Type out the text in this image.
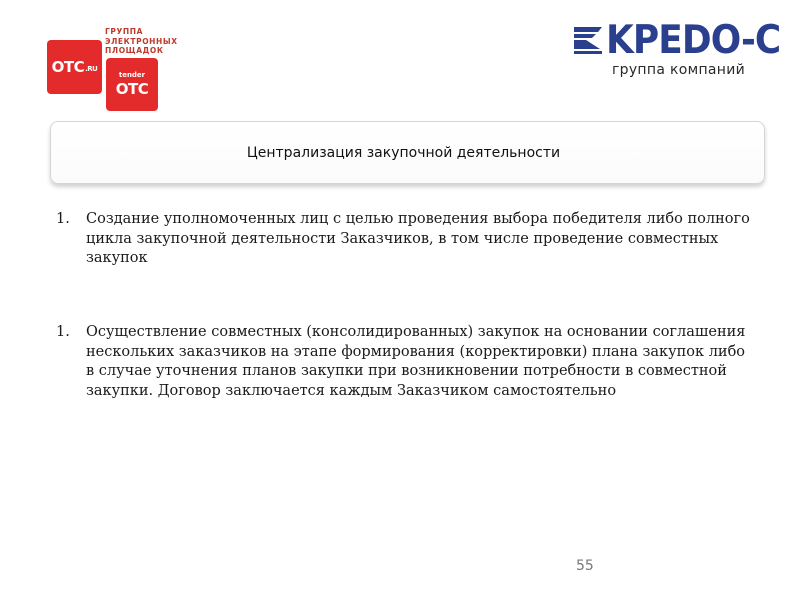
OTC .RU
ГРУППА
ЭЛЕКТРОННЫХ
ПЛОЩАДОК
tender
OTC
KPEDO-C
группа компаний
Централизация закупочной деятельности
1.	Создание уполномоченных лиц с целью проведения выбора победителя либо полного цикла закупочной деятельности Заказчиков, в том числе проведение совместных закупок
1.	Осуществление совместных (консолидированных) закупок на основании соглашения нескольких заказчиков на этапе формирования (корректировки) плана закупок либо в случае уточнения планов закупки при возникновении потребности в совместной закупки. Договор заключается каждым Заказчиком самостоятельно
55
